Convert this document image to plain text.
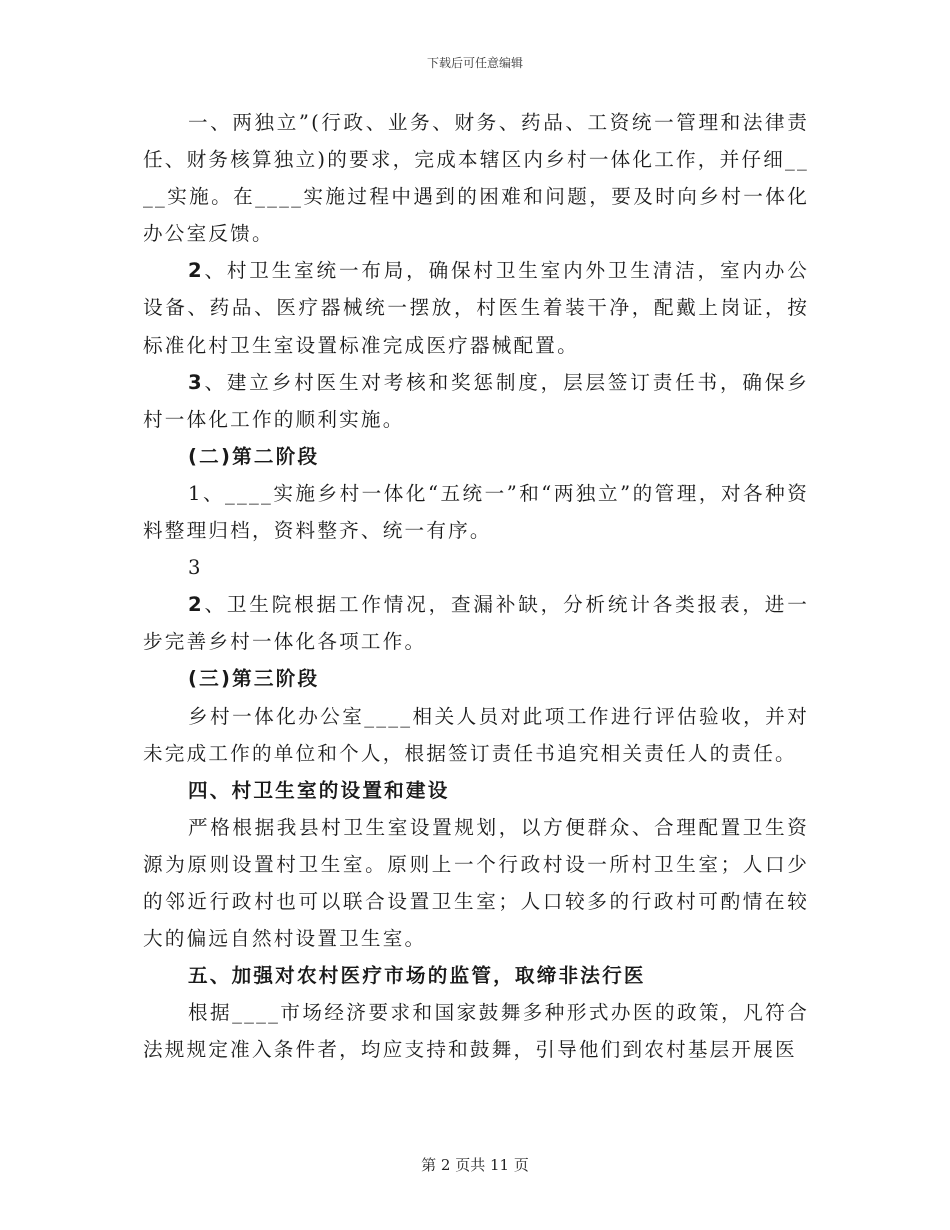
下载后可任意编辑

一、两独立”(行政、业务、财务、药品、工资统一管理和法律责任、财务核算独立)的要求，完成本辖区内乡村一体化工作，并仔细____实施。在____实施过程中遇到的困难和问题，要及时向乡村一体化办公室反馈。

2、村卫生室统一布局，确保村卫生室内外卫生清洁，室内办公设备、药品、医疗器械统一摆放，村医生着装干净，配戴上岗证，按标准化村卫生室设置标准完成医疗器械配置。

3、建立乡村医生对考核和奖惩制度，层层签订责任书，确保乡村一体化工作的顺利实施。

(二)第二阶段

1、____实施乡村一体化“五统一”和“两独立”的管理，对各种资料整理归档，资料整齐、统一有序。

3

2、卫生院根据工作情况，查漏补缺，分析统计各类报表，进一步完善乡村一体化各项工作。

(三)第三阶段

乡村一体化办公室____相关人员对此项工作进行评估验收，并对未完成工作的单位和个人，根据签订责任书追究相关责任人的责任。

四、村卫生室的设置和建设

严格根据我县村卫生室设置规划，以方便群众、合理配置卫生资源为原则设置村卫生室。原则上一个行政村设一所村卫生室；人口少的邻近行政村也可以联合设置卫生室；人口较多的行政村可酌情在较大的偏远自然村设置卫生室。

五、加强对农村医疗市场的监管，取缔非法行医

根据____市场经济要求和国家鼓舞多种形式办医的政策，凡符合法规规定准入条件者，均应支持和鼓舞，引导他们到农村基层开展医

第 2 页共 11 页
